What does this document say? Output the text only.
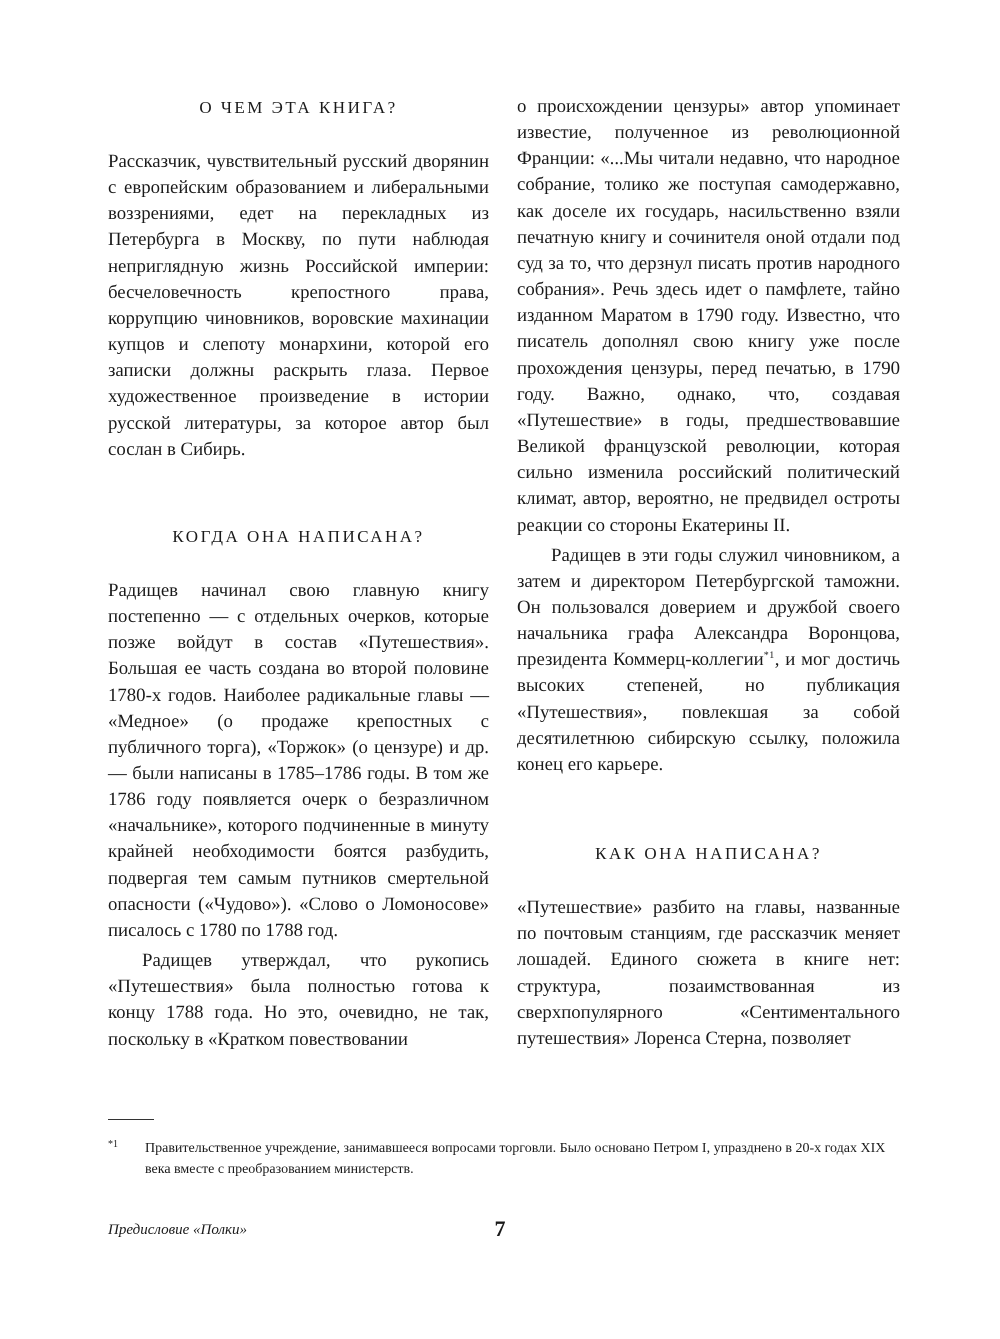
О ЧЕМ ЭТА КНИГА?

Рассказчик, чувствительный русский дворянин с европейским образованием и либеральными воззрениями, едет на перекладных из Петербурга в Москву, по пути наблюдая неприглядную жизнь Российской империи: бесчеловечность крепостного права, коррупцию чиновников, воровские махинации купцов и слепоту монархини, которой его записки должны раскрыть глаза. Первое художественное произведение в истории русской литературы, за которое автор был сослан в Сибирь.

КОГДА ОНА НАПИСАНА?

Радищев начинал свою главную книгу постепенно — с отдельных очерков, которые позже войдут в состав «Путешествия». Большая ее часть создана во второй половине 1780-х годов. Наиболее радикальные главы — «Медное» (о продаже крепостных с публичного торга), «Торжок» (о цензуре) и др. — были написаны в 1785–1786 годы. В том же 1786 году появляется очерк о безразличном «начальнике», которого подчиненные в минуту крайней необходимости боятся разбудить, подвергая тем самым путников смертельной опасности («Чудово»). «Слово о Ломоносове» писалось с 1780 по 1788 год.

Радищев утверждал, что рукопись «Путешествия» была полностью готова к концу 1788 года. Но это, очевидно, не так, поскольку в «Кратком повествовании

о происхождении цензуры» автор упоминает известие, полученное из революционной Франции: «...Мы читали недавно, что народное собрание, толико же поступая самодержавно, как доселе их государь, насильственно взяли печатную книгу и сочинителя оной отдали под суд за то, что дерзнул писать против народного собрания». Речь здесь идет о памфлете, тайно изданном Маратом в 1790 году. Известно, что писатель дополнял свою книгу уже после прохождения цензуры, перед печатью, в 1790 году. Важно, однако, что, создавая «Путешествие» в годы, предшествовавшие Великой французской революции, которая сильно изменила российский политический климат, автор, вероятно, не предвидел остроты реакции со стороны Екатерины II.

Радищев в эти годы служил чиновником, а затем и директором Петербургской таможни. Он пользовался доверием и дружбой своего начальника графа Александра Воронцова, президента Коммерц-коллегии$^{*1}$, и мог достичь высоких степеней, но публикация «Путешествия», повлекшая за собой десятилетнюю сибирскую ссылку, положила конец его карьере.

КАК ОНА НАПИСАНА?

«Путешествие» разбито на главы, названные по почтовым станциям, где рассказчик меняет лошадей. Единого сюжета в книге нет: структура, позаимствованная из сверхпопулярного «Сентиментального путешествия» Лоренса Стерна, позволяет

*1 Правительственное учреждение, занимавшееся вопросами торговли. Было основано Петром I, упразднено в 20-х годах XIX века вместе с преобразованием министерств.
Предисловие «Полки»	7
